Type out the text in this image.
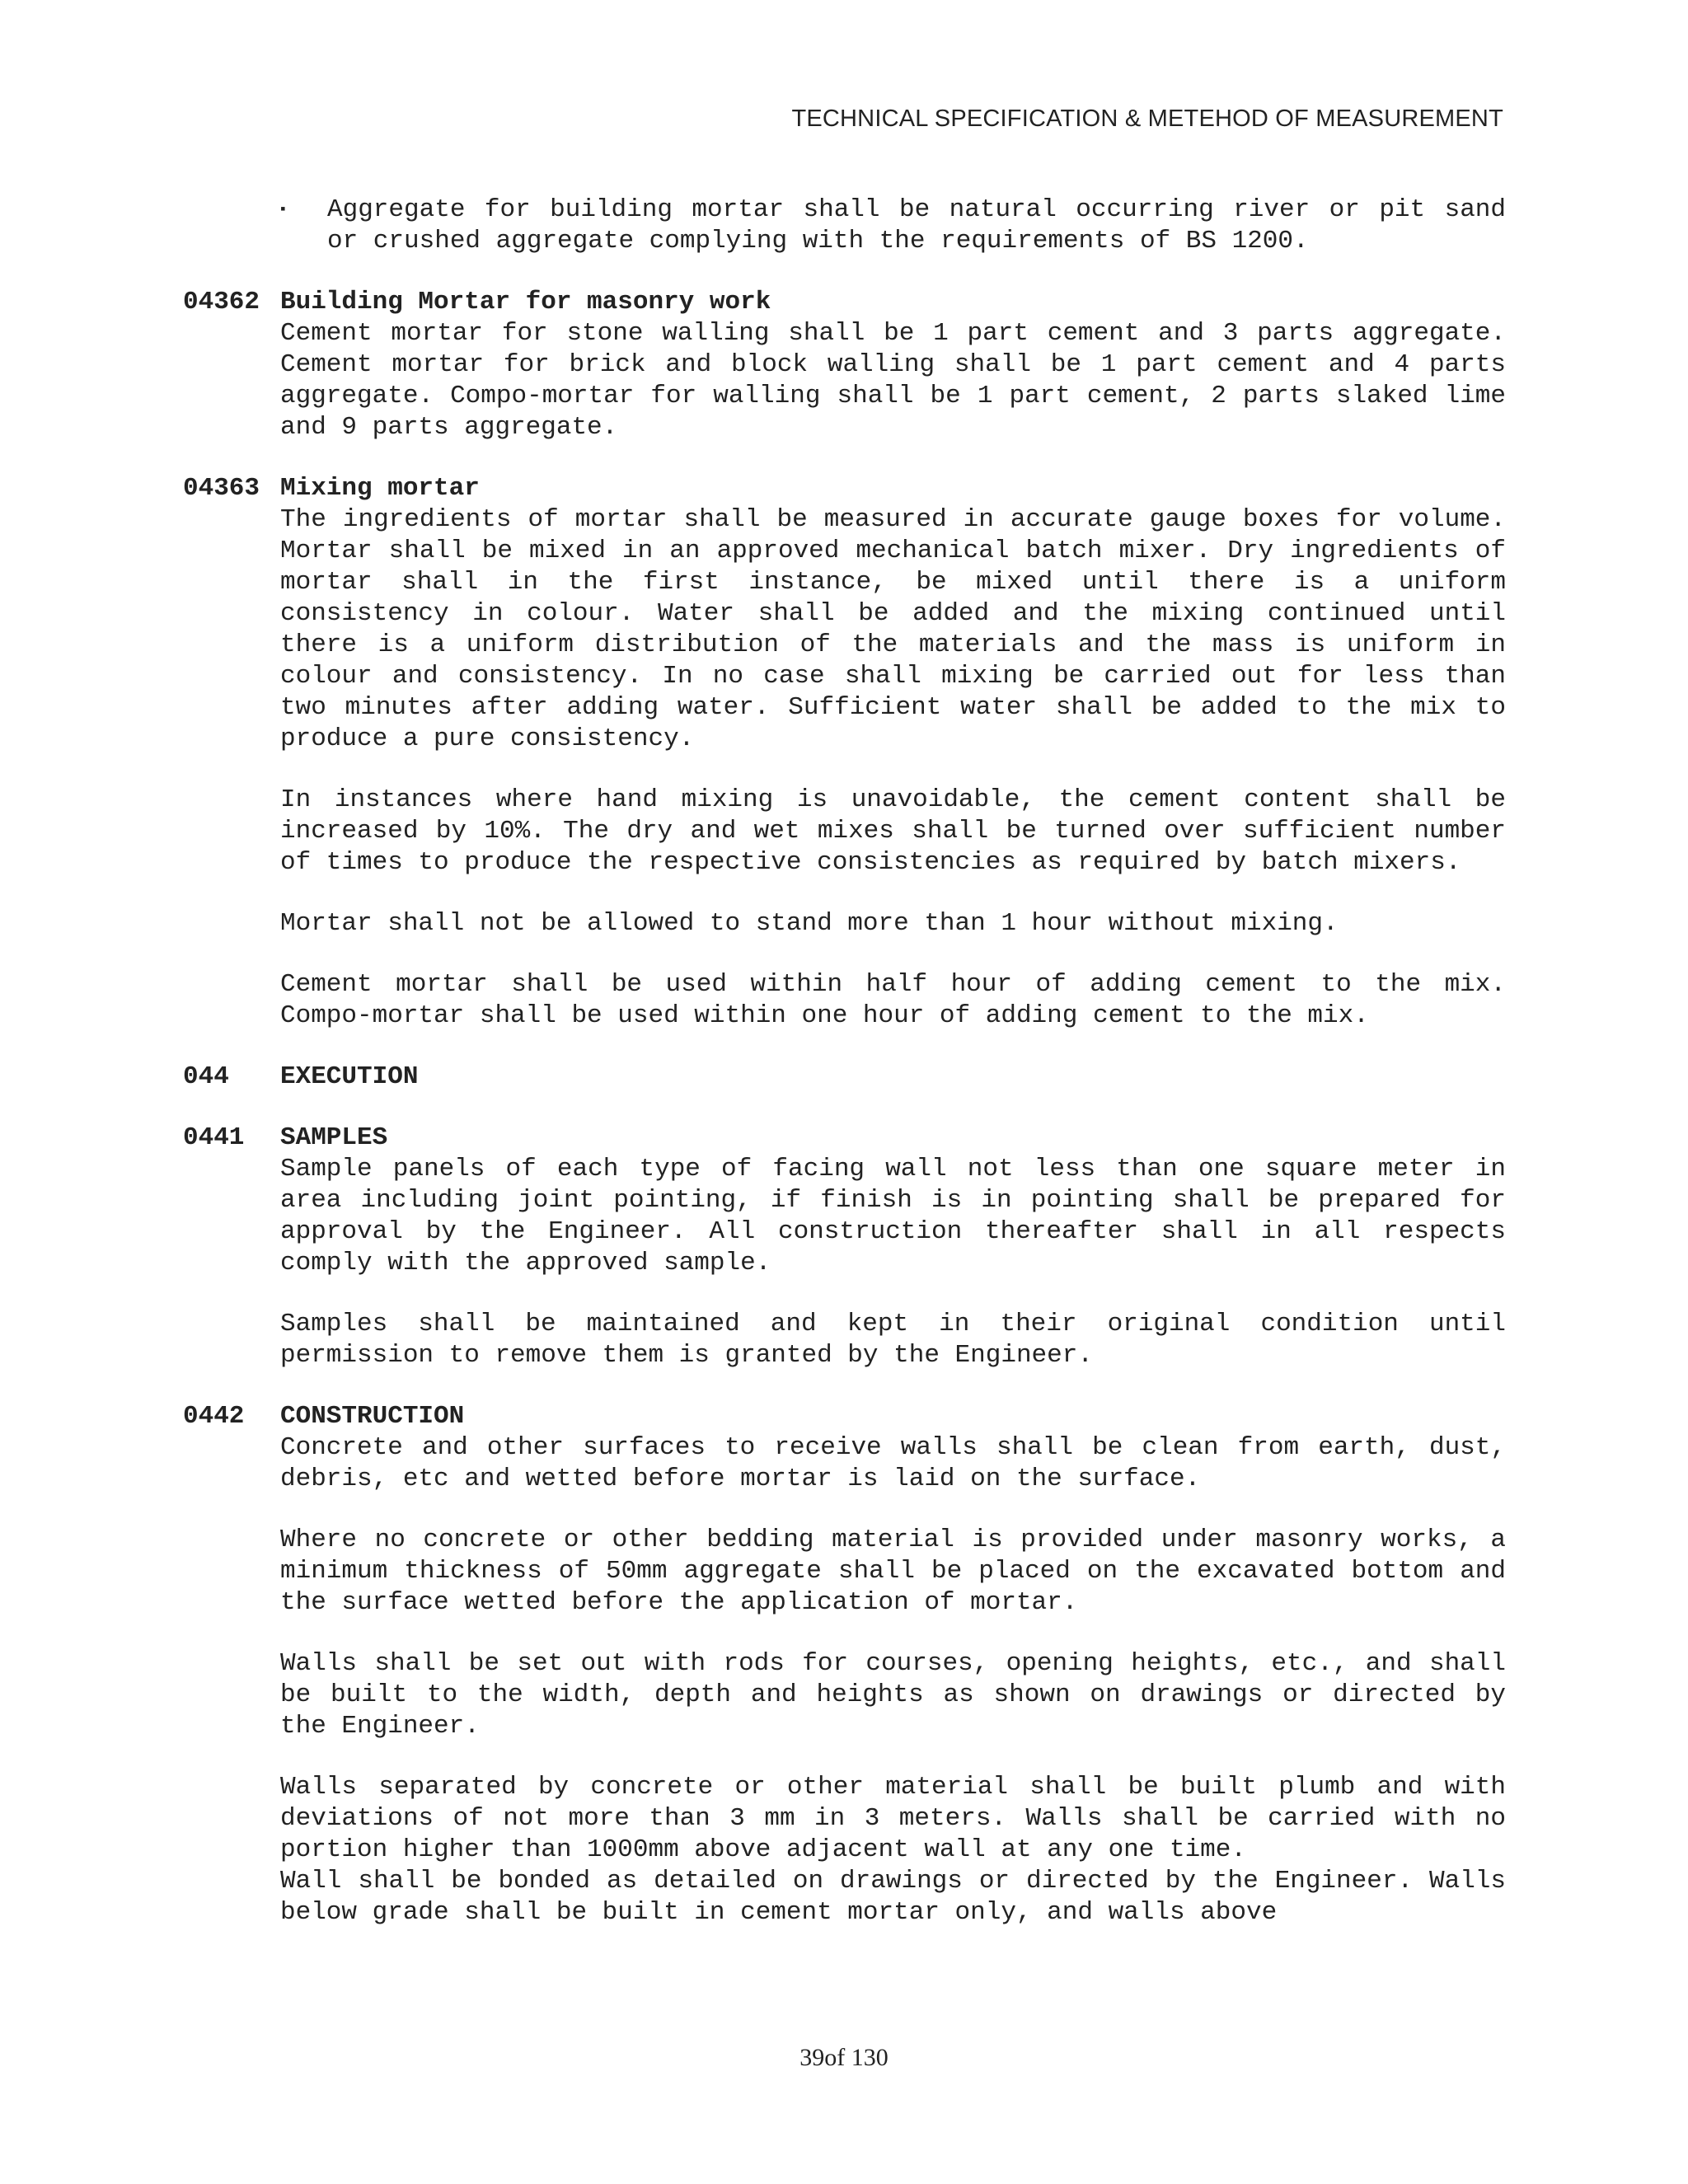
TECHNICAL SPECIFICATION & METEHOD OF MEASUREMENT
▪	Aggregate for building mortar shall be natural occurring river or pit sand or crushed aggregate complying with the requirements of BS 1200.
04362 Building Mortar for masonry work
Cement mortar for stone walling shall be 1 part cement and 3 parts aggregate. Cement mortar for brick and block walling shall be 1 part cement and 4 parts aggregate. Compo-mortar for walling shall be 1 part cement, 2 parts slaked lime and 9 parts aggregate.
04363 Mixing mortar
The ingredients of mortar shall be measured in accurate gauge boxes for volume. Mortar shall be mixed in an approved mechanical batch mixer. Dry ingredients of mortar shall in the first instance, be mixed until there is a uniform consistency in colour. Water shall be added and the mixing continued until there is a uniform distribution of the materials and the mass is uniform in colour and consistency. In no case shall mixing be carried out for less than two minutes after adding water. Sufficient water shall be added to the mix to produce a pure consistency.
In instances where hand mixing is unavoidable, the cement content shall be increased by 10%. The dry and wet mixes shall be turned over sufficient number of times to produce the respective consistencies as required by batch mixers.
Mortar shall not be allowed to stand more than 1 hour without mixing.
Cement mortar shall be used within half hour of adding cement to the mix. Compo-mortar shall be used within one hour of adding cement to the mix.
044	EXECUTION
0441	SAMPLES
Sample panels of each type of facing wall not less than one square meter in area including joint pointing, if finish is in pointing shall be prepared for approval by the Engineer. All construction thereafter shall in all respects comply with the approved sample.
Samples shall be maintained and kept in their original condition until permission to remove them is granted by the Engineer.
0442	CONSTRUCTION
Concrete and other surfaces to receive walls shall be clean from earth, dust, debris, etc and wetted before mortar is laid on the surface.
Where no concrete or other bedding material is provided under masonry works, a minimum thickness of 50mm aggregate shall be placed on the excavated bottom and the surface wetted before the application of mortar.
Walls shall be set out with rods for courses, opening heights, etc., and shall be built to the width, depth and heights as shown on drawings or directed by the Engineer.
Walls separated by concrete or other material shall be built plumb and with deviations of not more than 3 mm in 3 meters. Walls shall be carried with no portion higher than 1000mm above adjacent wall at any one time.
Wall shall be bonded as detailed on drawings or directed by the Engineer. Walls below grade shall be built in cement mortar only, and walls above
39of 130
